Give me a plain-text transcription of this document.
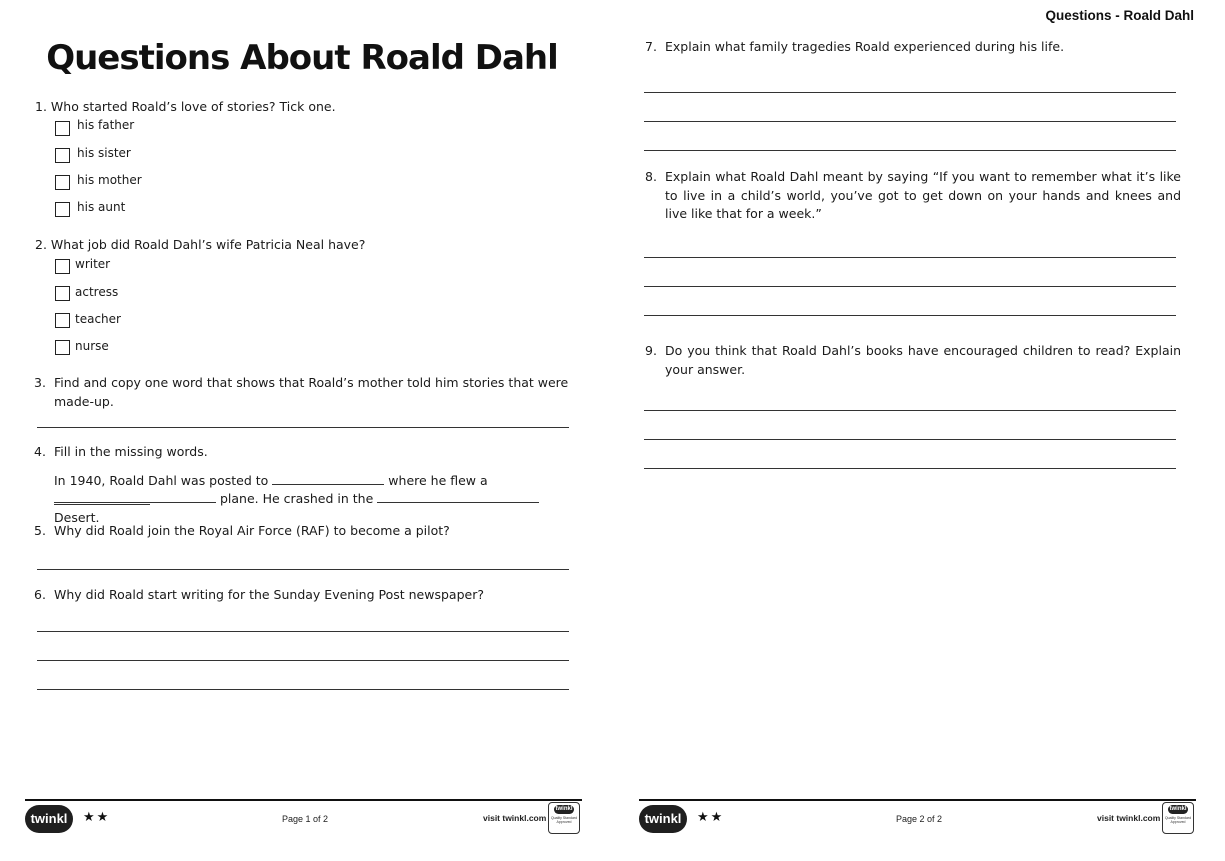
Questions About Roald Dahl
1. Who started Roald’s love of stories? Tick one.
his father
his sister
his mother
his aunt
2. What job did Roald Dahl’s wife Patricia Neal have?
writer
actress
teacher
nurse
3. Find and copy one word that shows that Roald’s mother told him stories that were made-up.
4. Fill in the missing words.
In 1940, Roald Dahl was posted to	where he flew a
plane. He crashed in the  Desert.
5. Why did Roald join the Royal Air Force (RAF) to become a pilot?
6. Why did Roald start writing for the Sunday Evening Post newspaper?
twinkl	★★	Page 1 of 2	visit twinkl.com
twinkl
Quality Standard Approved
Questions - Roald Dahl
7. Explain what family tragedies Roald experienced during his life.
8. Explain what Roald Dahl meant by saying “If you want to remember what it’s like to live in a child’s world, you’ve got to get down on your hands and knees and live like that for a week.”
9. Do you think that Roald Dahl’s books have encouraged children to read? Explain your answer.
twinkl	★★	Page 2 of 2	visit twinkl.com
twinkl
Quality Standard Approved
